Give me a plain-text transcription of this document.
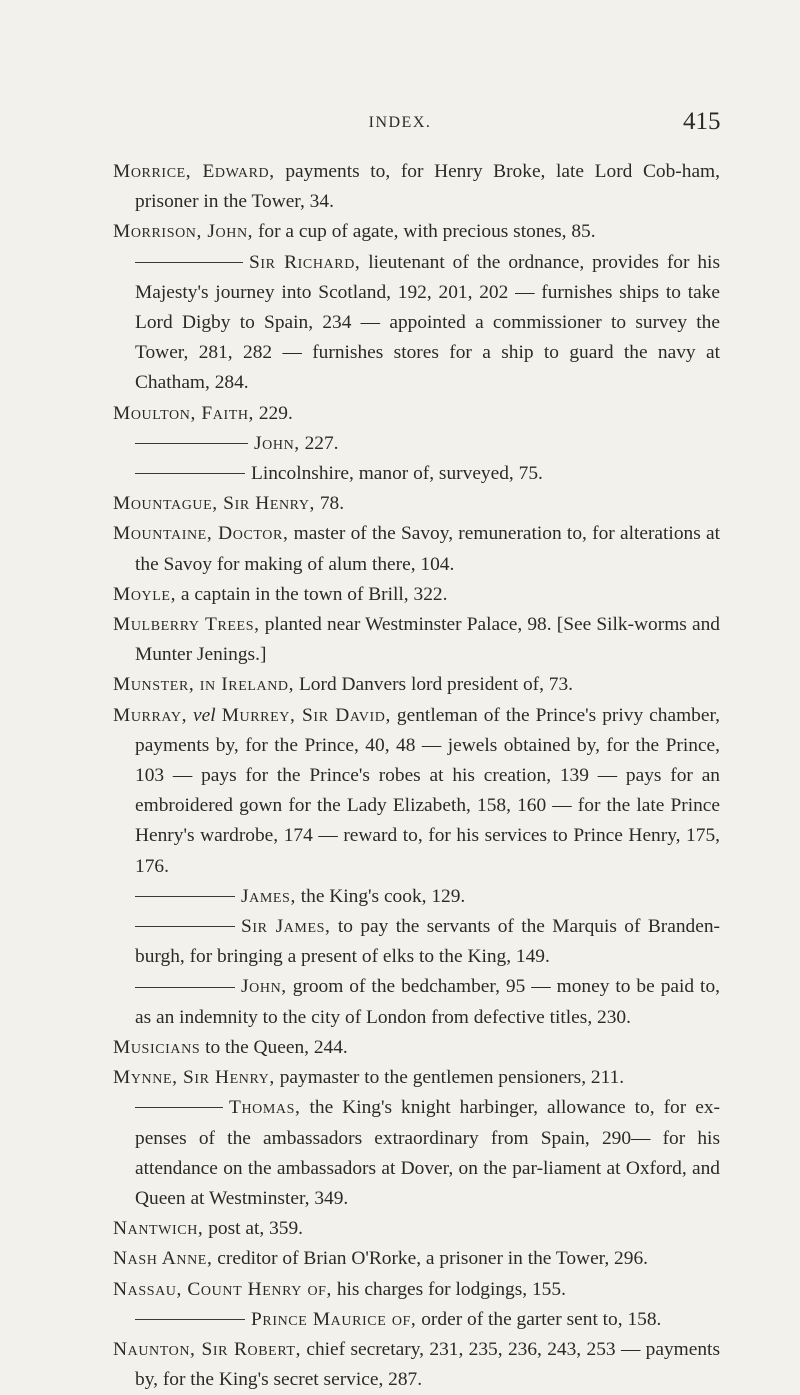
INDEX.	415

Morrice, Edward, payments to, for Henry Broke, late Lord Cob-ham, prisoner in the Tower, 34.

Morrison, John, for a cup of agate, with precious stones, 85.

Sir Richard, lieutenant of the ordnance, provides for his Majesty's journey into Scotland, 192, 201, 202 — furnishes ships to take Lord Digby to Spain, 234 — appointed a commissioner to survey the Tower, 281, 282 — furnishes stores for a ship to guard the navy at Chatham, 284.

Moulton, Faith, 229.

John, 227.

Lincolnshire, manor of, surveyed, 75.

Mountague, Sir Henry, 78.

Mountaine, Doctor, master of the Savoy, remuneration to, for alterations at the Savoy for making of alum there, 104.

Moyle, a captain in the town of Brill, 322.

Mulberry Trees, planted near Westminster Palace, 98. [See Silk-worms and Munter Jenings.]

Munster, in Ireland, Lord Danvers lord president of, 73.

Murray, vel Murrey, Sir David, gentleman of the Prince's privy chamber, payments by, for the Prince, 40, 48 — jewels obtained by, for the Prince, 103 — pays for the Prince's robes at his creation, 139 — pays for an embroidered gown for the Lady Elizabeth, 158, 160 — for the late Prince Henry's wardrobe, 174 — reward to, for his services to Prince Henry, 175, 176.

James, the King's cook, 129.

Sir James, to pay the servants of the Marquis of Branden-burgh, for bringing a present of elks to the King, 149.

John, groom of the bedchamber, 95 — money to be paid to, as an indemnity to the city of London from defective titles, 230.

Musicians to the Queen, 244.

Mynne, Sir Henry, paymaster to the gentlemen pensioners, 211.

Thomas, the King's knight harbinger, allowance to, for ex-penses of the ambassadors extraordinary from Spain, 290— for his attendance on the ambassadors at Dover, on the par-liament at Oxford, and Queen at Westminster, 349.

Nantwich, post at, 359.

Nash Anne, creditor of Brian O'Rorke, a prisoner in the Tower, 296.

Nassau, Count Henry of, his charges for lodgings, 155.

Prince Maurice of, order of the garter sent to, 158.

Naunton, Sir Robert, chief secretary, 231, 235, 236, 243, 253 — payments by, for the King's secret service, 287.
